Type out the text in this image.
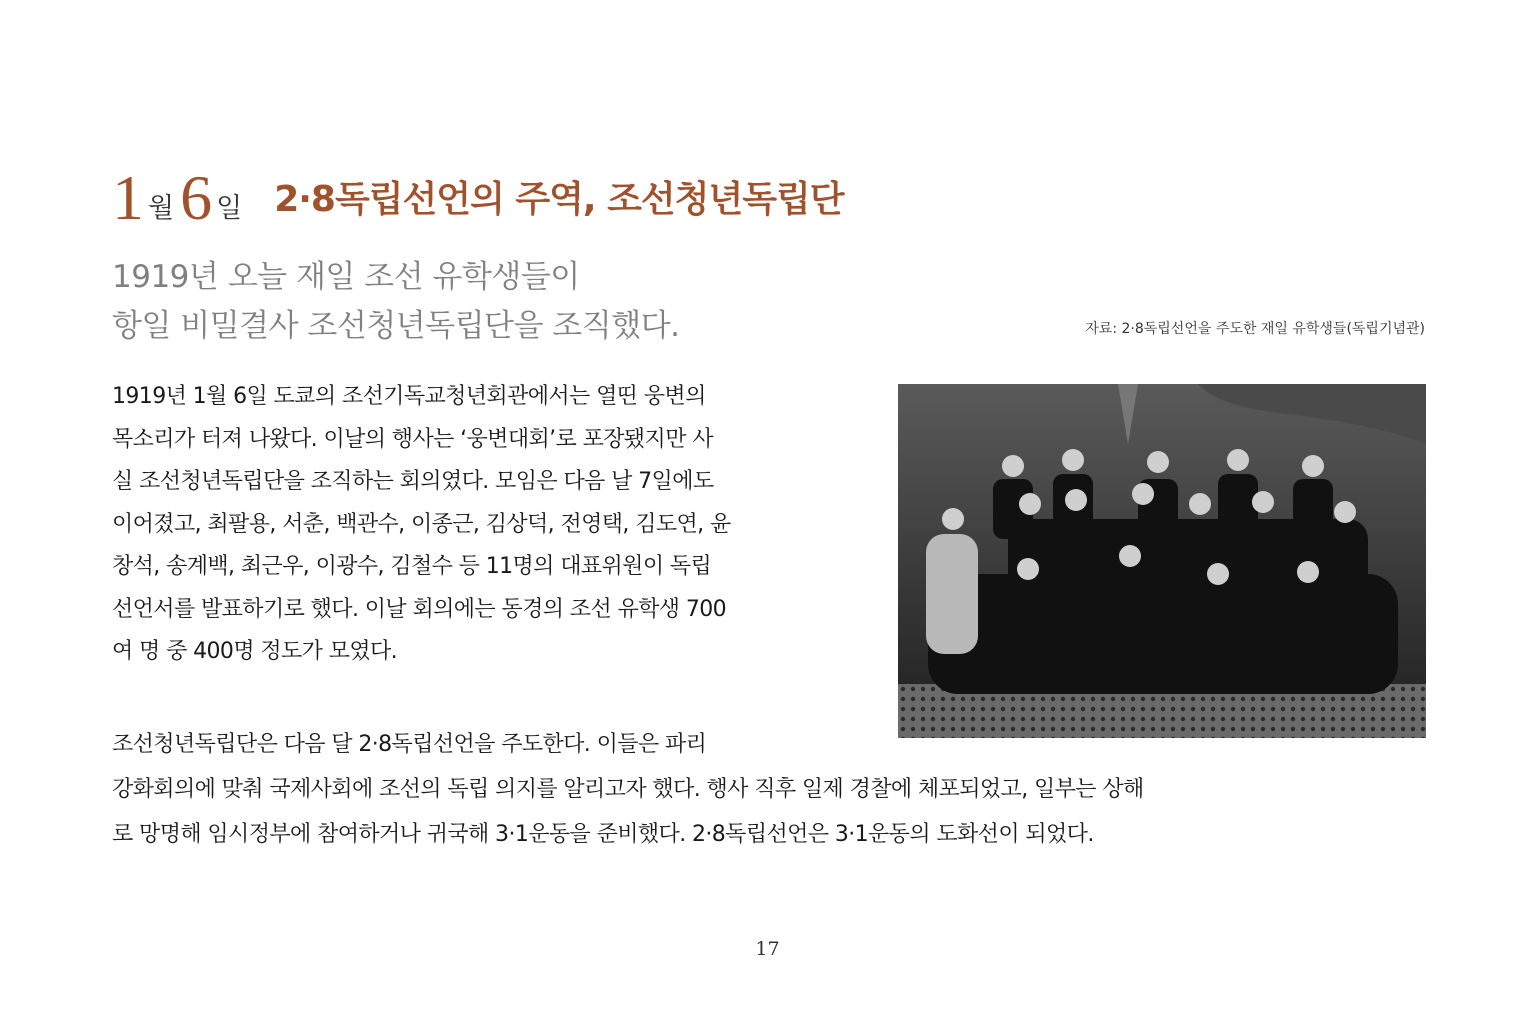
1 월 6 일 2·8독립선언의 주역, 조선청년독립단
1919년 오늘 재일 조선 유학생들이
항일 비밀결사 조선청년독립단을 조직했다.	자료: 2·8독립선언을 주도한 재일 유학생들(독립기념관)
1919년 1월 6일 도쿄의 조선기독교청년회관에서는 열띤 웅변의
목소리가 터져 나왔다. 이날의 행사는 ‘웅변대회’로 포장됐지만 사
실 조선청년독립단을 조직하는 회의였다. 모임은 다음 날 7일에도
이어졌고, 최팔용, 서춘, 백관수, 이종근, 김상덕, 전영택, 김도연, 윤
창석, 송계백, 최근우, 이광수, 김철수 등 11명의 대표위원이 독립
선언서를 발표하기로 했다. 이날 회의에는 동경의 조선 유학생 700
여 명 중 400명 정도가 모였다.
조선청년독립단은 다음 달 2·8독립선언을 주도한다. 이들은 파리
강화회의에 맞춰 국제사회에 조선의 독립 의지를 알리고자 했다. 행사 직후 일제 경찰에 체포되었고, 일부는 상해
로 망명해 임시정부에 참여하거나 귀국해 3·1운동을 준비했다. 2·8독립선언은 3·1운동의 도화선이 되었다.
17
